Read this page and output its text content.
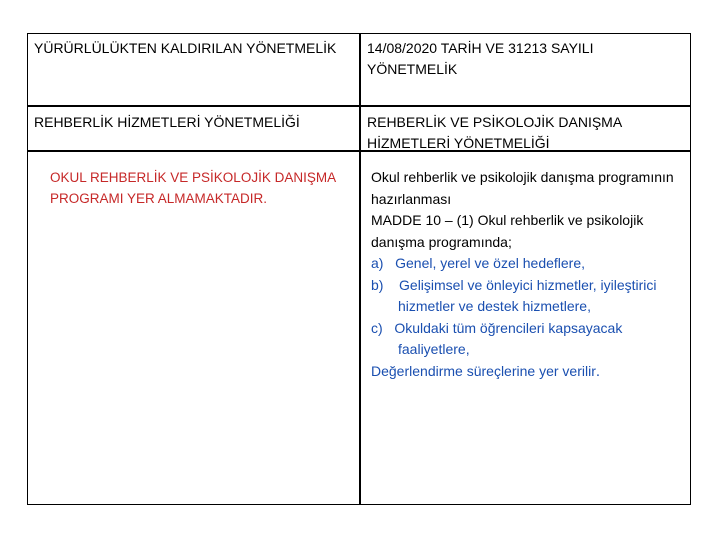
YÜRÜRLÜLÜKTEN KALDIRILAN YÖNETMELİK	14/08/2020 TARİH VE 31213 SAYILI YÖNETMELİK
REHBERLİK HİZMETLERİ YÖNETMELİĞİ	REHBERLİK VE PSİKOLOJİK DANIŞMA HİZMETLERİ YÖNETMELİĞİ
OKUL REHBERLİK VE PSİKOLOJİK DANIŞMA PROGRAMI YER ALMAMAKTADIR.
Okul rehberlik ve psikolojik danışma programının hazırlanması
MADDE 10 – (1) Okul rehberlik ve psikolojik danışma programında;
a) Genel, yerel ve özel hedeflere,
b) Gelişimsel ve önleyici hizmetler, iyileştirici hizmetler ve destek hizmetlere,
c) Okuldaki tüm öğrencileri kapsayacak faaliyetlere,
Değerlendirme süreçlerine yer verilir.
